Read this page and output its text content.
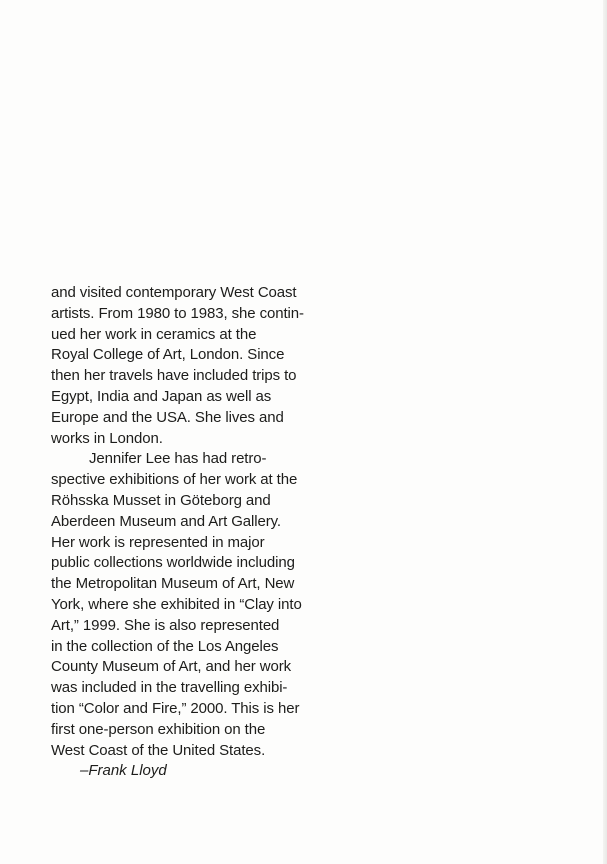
and visited contemporary West Coast
artists. From 1980 to 1983, she contin-
ued her work in ceramics at the
Royal College of Art, London. Since
then her travels have included trips to
Egypt, India and Japan as well as
Europe and the USA. She lives and
works in London.
Jennifer Lee has had retro-
spective exhibitions of her work at the
Röhsska Musset in Göteborg and
Aberdeen Museum and Art Gallery.
Her work is represented in major
public collections worldwide including
the Metropolitan Museum of Art, New
York, where she exhibited in “Clay into
Art,” 1999. She is also represented
in the collection of the Los Angeles
County Museum of Art, and her work
was included in the travelling exhibi-
tion “Color and Fire,” 2000. This is her
first one-person exhibition on the
West Coast of the United States.
–Frank Lloyd
